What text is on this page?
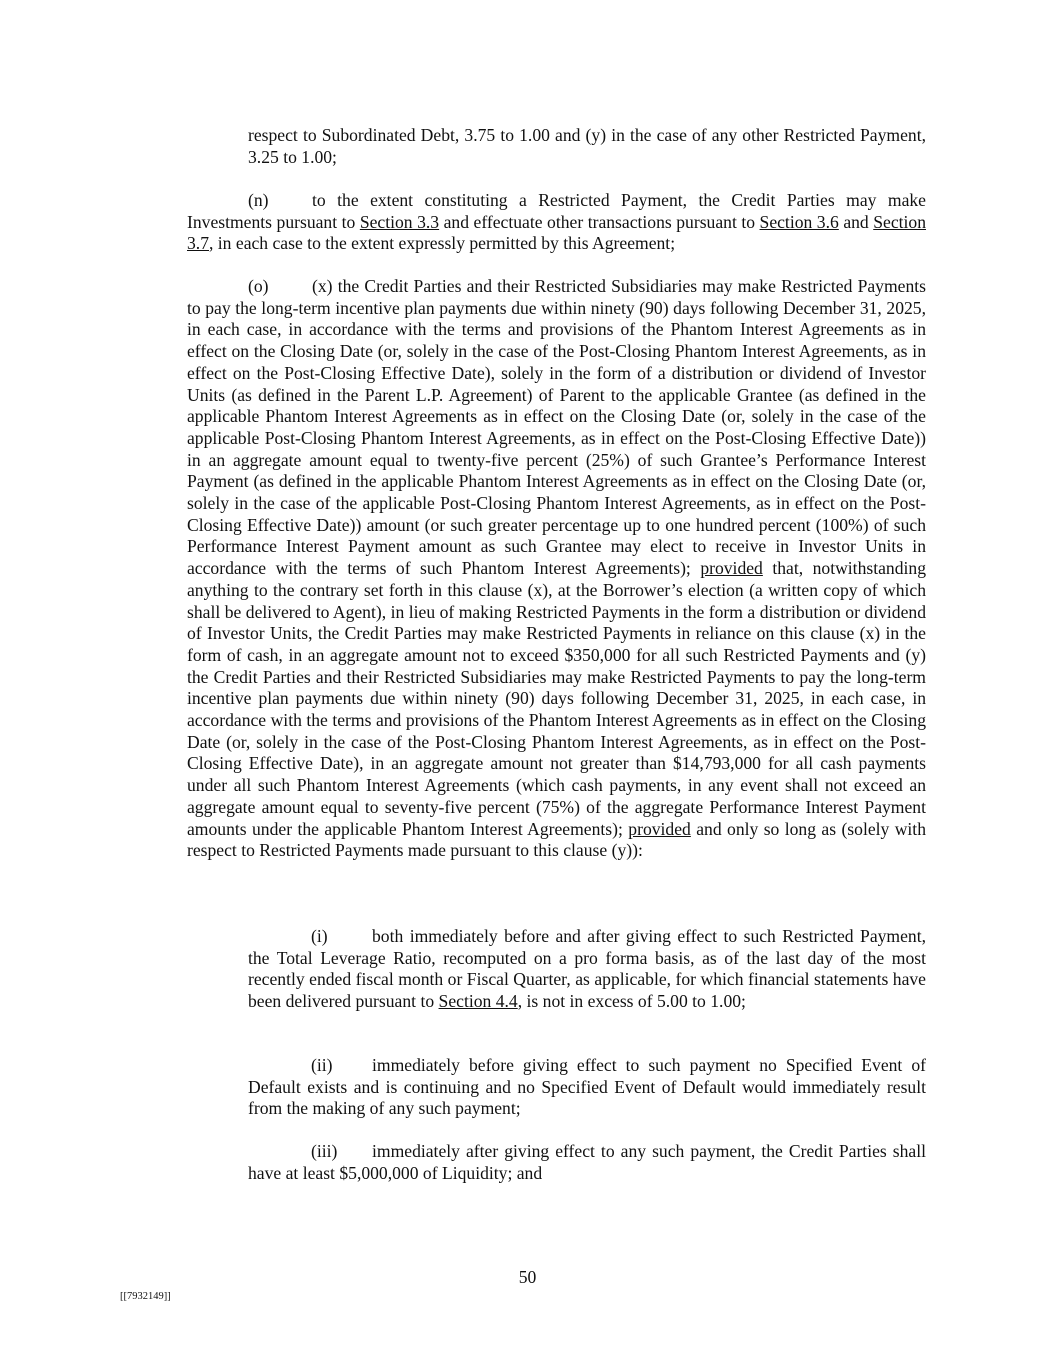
respect to Subordinated Debt, 3.75 to 1.00 and (y) in the case of any other Restricted Payment, 3.25 to 1.00;

(n) to the extent constituting a Restricted Payment, the Credit Parties may make Investments pursuant to Section 3.3 and effectuate other transactions pursuant to Section 3.6 and Section 3.7, in each case to the extent expressly permitted by this Agreement;

(o) (x) the Credit Parties and their Restricted Subsidiaries may make Restricted Payments to pay the long-term incentive plan payments due within ninety (90) days following December 31, 2025, in each case, in accordance with the terms and provisions of the Phantom Interest Agreements as in effect on the Closing Date (or, solely in the case of the Post-Closing Phantom Interest Agreements, as in effect on the Post-Closing Effective Date), solely in the form of a distribution or dividend of Investor Units (as defined in the Parent L.P. Agreement) of Parent to the applicable Grantee (as defined in the applicable Phantom Interest Agreements as in effect on the Closing Date (or, solely in the case of the applicable Post-Closing Phantom Interest Agreements, as in effect on the Post-Closing Effective Date)) in an aggregate amount equal to twenty-five percent (25%) of such Grantee’s Performance Interest Payment (as defined in the applicable Phantom Interest Agreements as in effect on the Closing Date (or, solely in the case of the applicable Post-Closing Phantom Interest Agreements, as in effect on the Post-Closing Effective Date)) amount (or such greater percentage up to one hundred percent (100%) of such Performance Interest Payment amount as such Grantee may elect to receive in Investor Units in accordance with the terms of such Phantom Interest Agreements); provided that, notwithstanding anything to the contrary set forth in this clause (x), at the Borrower’s election (a written copy of which shall be delivered to Agent), in lieu of making Restricted Payments in the form a distribution or dividend of Investor Units, the Credit Parties may make Restricted Payments in reliance on this clause (x) in the form of cash, in an aggregate amount not to exceed $350,000 for all such Restricted Payments and (y) the Credit Parties and their Restricted Subsidiaries may make Restricted Payments to pay the long-term incentive plan payments due within ninety (90) days following December 31, 2025, in each case, in accordance with the terms and provisions of the Phantom Interest Agreements as in effect on the Closing Date (or, solely in the case of the Post-Closing Phantom Interest Agreements, as in effect on the Post-Closing Effective Date), in an aggregate amount not greater than $14,793,000 for all cash payments under all such Phantom Interest Agreements (which cash payments, in any event shall not exceed an aggregate amount equal to seventy-five percent (75%) of the aggregate Performance Interest Payment amounts under the applicable Phantom Interest Agreements); provided and only so long as (solely with respect to Restricted Payments made pursuant to this clause (y)):

(i)	both immediately before and after giving effect to such Restricted Payment, the Total Leverage Ratio, recomputed on a pro forma basis, as of the last day of the most recently ended fiscal month or Fiscal Quarter, as applicable, for which financial statements have been delivered pursuant to Section 4.4, is not in excess of 5.00 to 1.00;

(ii) immediately before giving effect to such payment no Specified Event of Default exists and is continuing and no Specified Event of Default would immediately result from the making of any such payment;

(iii) immediately after giving effect to any such payment, the Credit Parties shall have at least $5,000,000 of Liquidity; and

50
[[7932149]]
